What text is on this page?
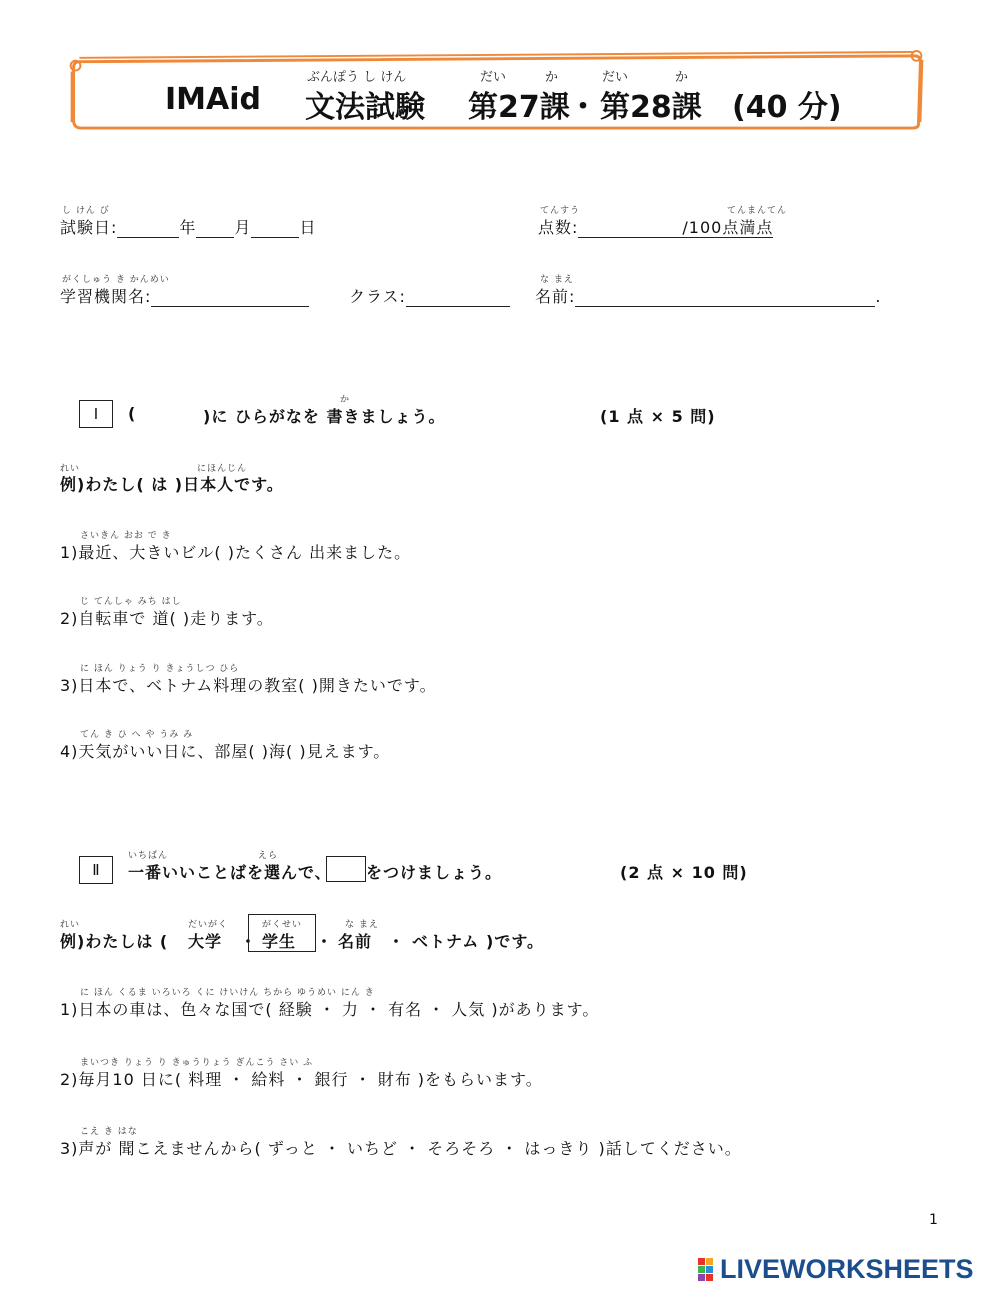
ぶんぽう し けん	だい	か	だい	か
IMAid 文法試験 第27課
・ 第28課 (40 分)
し けん び
試験日:	年 月	日
てんすう	てんまんてん
点数:	/100点満点
がくしゅう き かんめい
学習機関名:	クラス:
な まえ
名前:	.
Ⅰ	(
か
)に ひらがなを 書きましょう。	(1 点 × 5 問)
れい	にほんじん
例)わたし( は )日本人です。
さいきん おお で き
1)最近、大きいビル( )たくさん 出来ました。
じ てんしゃ みち はし
2)自転車で 道( )走ります。
に ほん りょう り きょうしつ ひら
3)日本で、ベトナム料理の教室( )開きたいです。
てん き ひ へ や うみ み
4)天気がいい日に、部屋( )海( )見えます。
Ⅱ
いちばん	えら
一番いいことばを選んで、 をつけましょう。	(2 点 × 10 問)
れい	だいがく	がくせい	な まえ
例)わたしは ( 大学 ・ 学生 ・ 名前 ・ ベトナム )です。
に ほん くるま いろいろ くに けいけん ちから ゆうめい にん き
1)日本の車は、色々な国で( 経験 ・ 力 ・ 有名 ・ 人気 )があります。
まいつき りょう り きゅうりょう ぎんこう さい ふ
2)毎月10 日に( 料理 ・ 給料 ・ 銀行 ・ 財布 )をもらいます。
こえ き はな
3)声が 聞こえませんから( ずっと ・ いちど ・ そろそろ ・ はっきり )話してください。
1
LIVEWORKSHEETS
